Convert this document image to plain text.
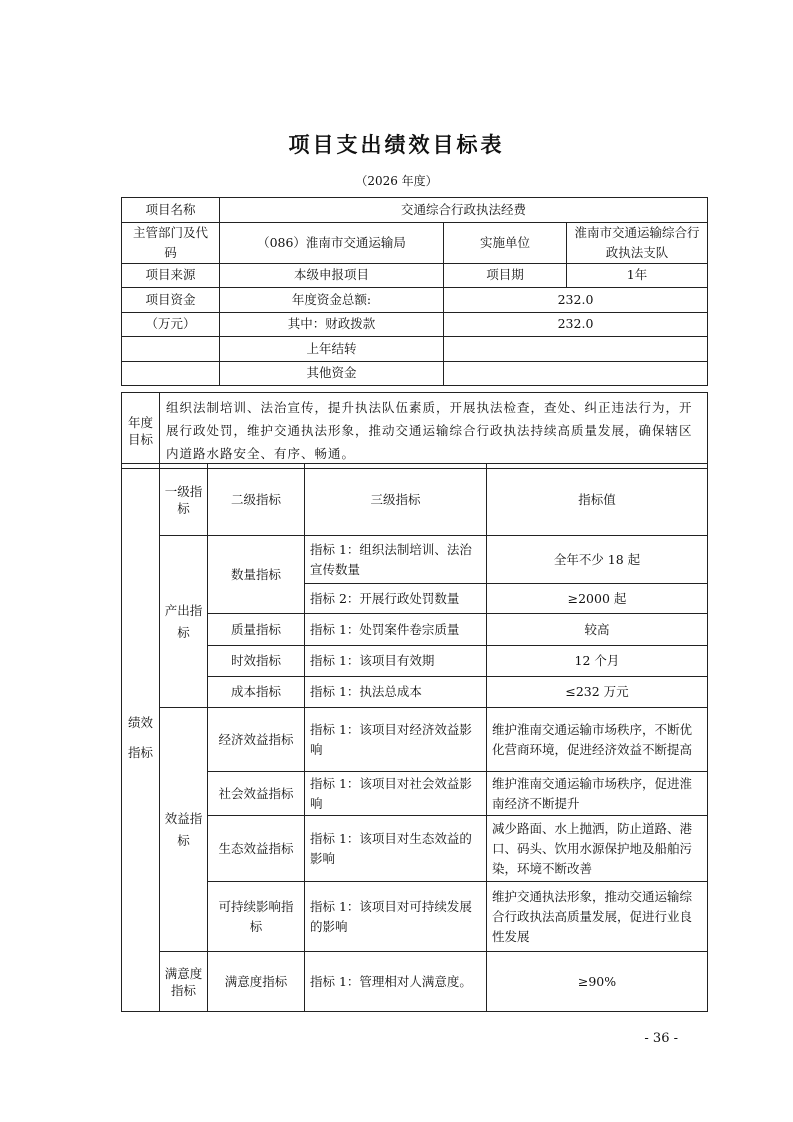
项目支出绩效目标表
（2026 年度）
项目名称	交通综合行政执法经费		
主管部门及代码	（086）淮南市交通运输局	实施单位	淮南市交通运输综合行政执法支队
项目来源	本级申报项目	项目期	1年
项目资金	年度资金总额:	232.0	
（万元）	其中：财政拨款	232.0	
	上年结转		
	其他资金		
年度目标	组织法制培训、法治宣传，提升执法队伍素质，开展执法检查，查处、纠正违法行为，开展行政处罚，维护交通执法形象，推动交通运输综合行政执法持续高质量发展，确保辖区内道路水路安全、有序、畅通。
绩效指标	一级指标	二级指标	三级指标	指标值
	产出指标	数量指标	指标 1：组织法制培训、法治宣传数量	全年不少 18 起
			指标 2：开展行政处罚数量	≥2000 起
		质量指标	指标 1：处罚案件卷宗质量	较高
		时效指标	指标 1：该项目有效期	12 个月
		成本指标	指标 1：执法总成本	≤232 万元
	效益指标	经济效益指标	指标 1：该项目对经济效益影响	维护淮南交通运输市场秩序，不断优化营商环境，促进经济效益不断提高
		社会效益指标	指标 1：该项目对社会效益影响	维护淮南交通运输市场秩序，促进淮南经济不断提升
		生态效益指标	指标 1：该项目对生态效益的影响	减少路面、水上抛洒，防止道路、港口、码头、饮用水源保护地及船舶污染，环境不断改善
		可持续影响指标	指标 1：该项目对可持续发展的影响	维护交通执法形象，推动交通运输综合行政执法高质量发展，促进行业良性发展
	满意度指标	满意度指标	指标 1：管理相对人满意度。	≥90%
- 36 -
